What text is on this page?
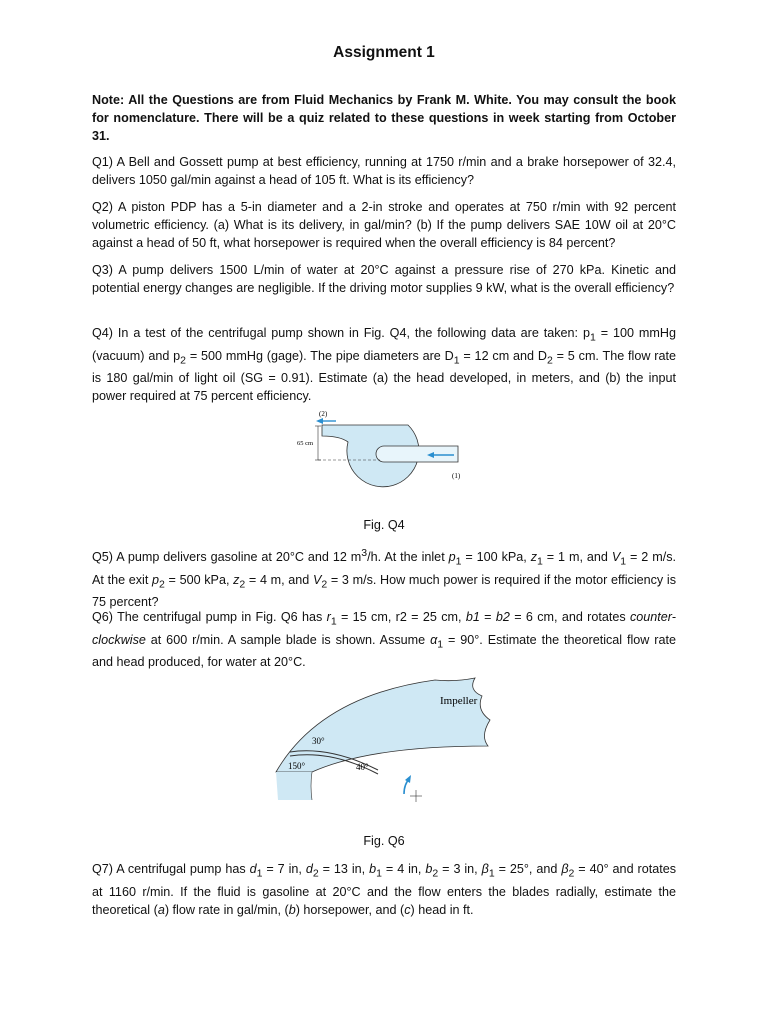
Assignment 1

Note: All the Questions are from Fluid Mechanics by Frank M. White. You may consult the book for nomenclature. There will be a quiz related to these questions in week starting from October 31.

Q1) A Bell and Gossett pump at best efficiency, running at 1750 r/min and a brake horsepower of 32.4, delivers 1050 gal/min against a head of 105 ft. What is its efficiency?

Q2) A piston PDP has a 5-in diameter and a 2-in stroke and operates at 750 r/min with 92 percent volumetric efficiency. (a) What is its delivery, in gal/min? (b) If the pump delivers SAE 10W oil at 20°C against a head of 50 ft, what horsepower is required when the overall efficiency is 84 percent?

Q3) A pump delivers 1500 L/min of water at 20°C against a pressure rise of 270 kPa. Kinetic and potential energy changes are negligible. If the driving motor supplies 9 kW, what is the overall efficiency?

Q4) In a test of the centrifugal pump shown in Fig. Q4, the following data are taken: $p_1 = 100$ mmHg (vacuum) and $p_2 = 500$ mmHg (gage). The pipe diameters are $D_1 = 12$ cm and $D_2 = 5$ cm. The flow rate is 180 gal/min of light oil (SG = 0.91). Estimate (a) the head developed, in meters, and (b) the input power required at 75 percent efficiency.

(2)
65 cm
(1)
Fig. Q4

Q5) A pump delivers gasoline at 20°C and 12 $m^3/h$. At the inlet $p_1 = 100$ kPa, $z_1 = 1$ m, and $V_1 = 2$ m/s. At the exit $p_2 = 500$ kPa, $z_2 = 4$ m, and $V_2 = 3$ m/s. How much power is required if the motor efficiency is 75 percent?

Q6) The centrifugal pump in Fig. Q6 has $r_1 = 15$ cm, r2 = 25 cm, b1 = b2 = 6 cm, and rotates counter-clockwise at 600 r/min. A sample blade is shown. Assume $\alpha_1 = 90^\circ$. Estimate the theoretical flow rate and head produced, for water at 20°C.

Impeller
30°
150°	40°
Fig. Q6

Q7) A centrifugal pump has $d_1 = 7$ in, $d_2 = 13$ in, $b_1 = 4$ in, $b_2 = 3$ in, $\beta_1 = 25^\circ$, and $\beta_2 = 40^\circ$ and rotates at 1160 r/min. If the fluid is gasoline at 20°C and the flow enters the blades radially, estimate the theoretical (a) flow rate in gal/min, (b) horsepower, and (c) head in ft.
